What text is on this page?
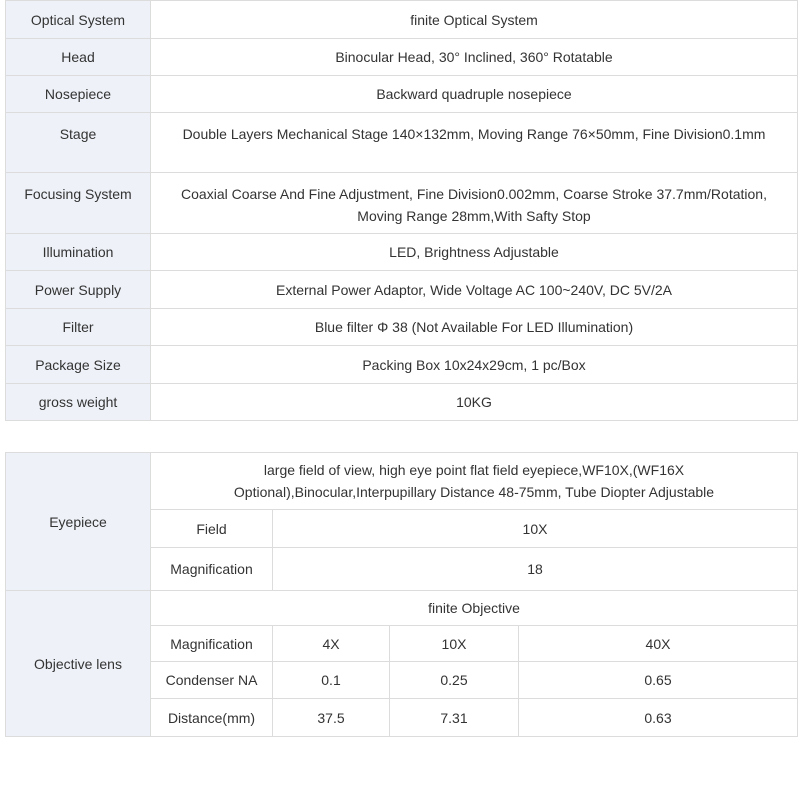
Optical System	finite Optical System
Head	Binocular Head, 30° Inclined, 360° Rotatable
Nosepiece	Backward quadruple nosepiece
Stage	Double Layers Mechanical Stage 140×132mm, Moving Range 76×50mm, Fine Division0.1mm
Focusing System	Coaxial Coarse And Fine Adjustment, Fine Division0.002mm, Coarse Stroke 37.7mm/Rotation, Moving Range 28mm,With Safty Stop
Illumination	LED, Brightness Adjustable
Power Supply	External Power Adaptor, Wide Voltage AC 100~240V, DC 5V/2A
Filter	Blue filter Φ 38 (Not Available For LED Illumination)
Package Size	Packing Box 10x24x29cm, 1 pc/Box
gross weight	10KG
Eyepiece	large field of view, high eye point flat field eyepiece,WF10X,(WF16X Optional),Binocular,Interpupillary Distance 48-75mm, Tube Diopter Adjustable			
	Field	10X		
	Magnification	18		
Objective lens	finite Objective			
	Magnification	4X	10X	40X
	Condenser NA	0.1	0.25	0.65
	Distance(mm)	37.5	7.31	0.63
